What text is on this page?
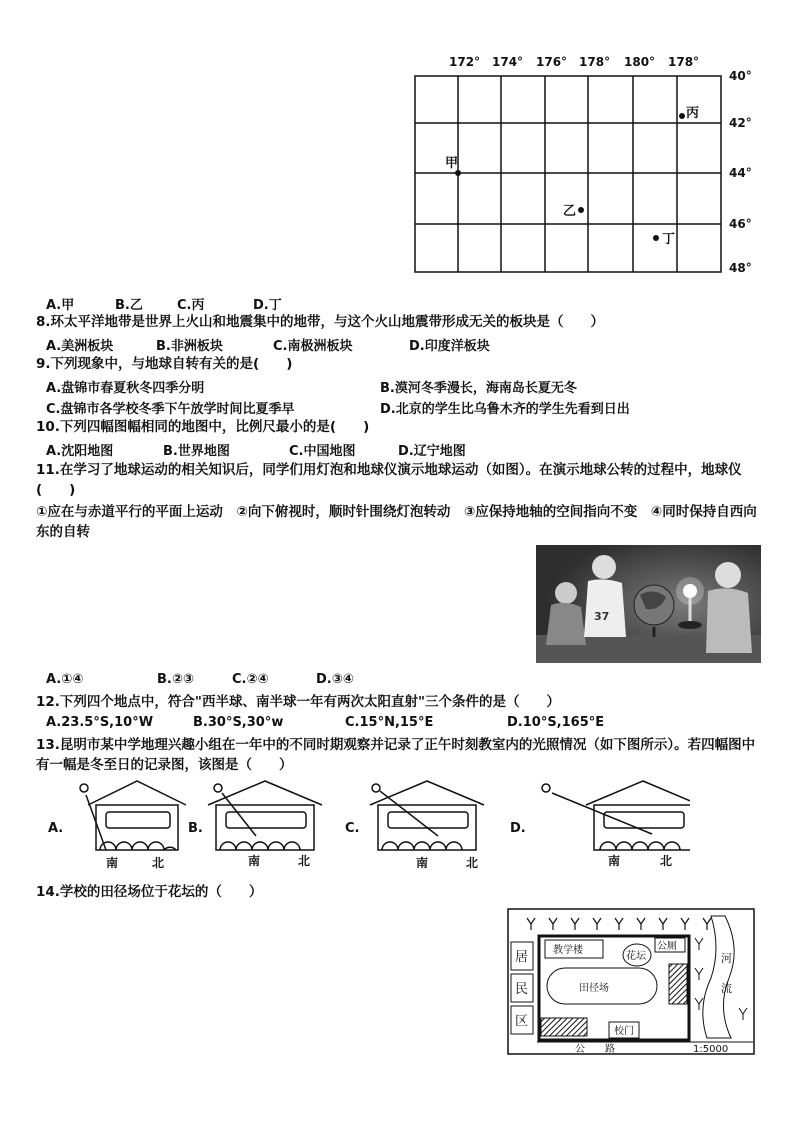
172° 174° 176° 178° 180° 178°
40°
42°
44°
46°
48°
甲
乙
丙
丁
A.甲	B.乙	C.丙	D.丁
8.环太平洋地带是世界上火山和地震集中的地带，与这个火山地震带形成无关的板块是（　　）
A.美洲板块	B.非洲板块	C.南极洲板块	D.印度洋板块
9.下列现象中，与地球自转有关的是(　　)
A.盘锦市春夏秋冬四季分明	B.漠河冬季漫长，海南岛长夏无冬
C.盘锦市各学校冬季下午放学时间比夏季早	D.北京的学生比乌鲁木齐的学生先看到日出
10.下列四幅图幅相同的地图中，比例尺最小的是(　　)
A.沈阳地图	B.世界地图	C.中国地图	D.辽宁地图
11.在学习了地球运动的相关知识后，同学们用灯泡和地球仪演示地球运动（如图）。在演示地球公转的过程中，地球仪(　　)
①应在与赤道平行的平面上运动　②向下俯视时，顺时针围绕灯泡转动　③应保持地轴的空间指向不变　④同时保持自西向东的自转
37
A.①④	B.②③	C.②④	D.③④
12.下列四个地点中，符合"西半球、南半球一年有两次太阳直射"三个条件的是（　　）
A.23.5°S,10°W	B.30°S,30°w	C.15°N,15°E	D.10°S,165°E
13.昆明市某中学地理兴趣小组在一年中的不同时期观察并记录了正午时刻教室内的光照情况（如下图所示）。若四幅图中有一幅是冬至日的记录图，该图是（　　）
A.	B.	C.	D.
南	北	南	北	南	北	南	北
14.学校的田径场位于花坛的（　　）
居
民
区
教学楼
花坛
公厕
田径场
校门
河
流
公　　路	1:5000
